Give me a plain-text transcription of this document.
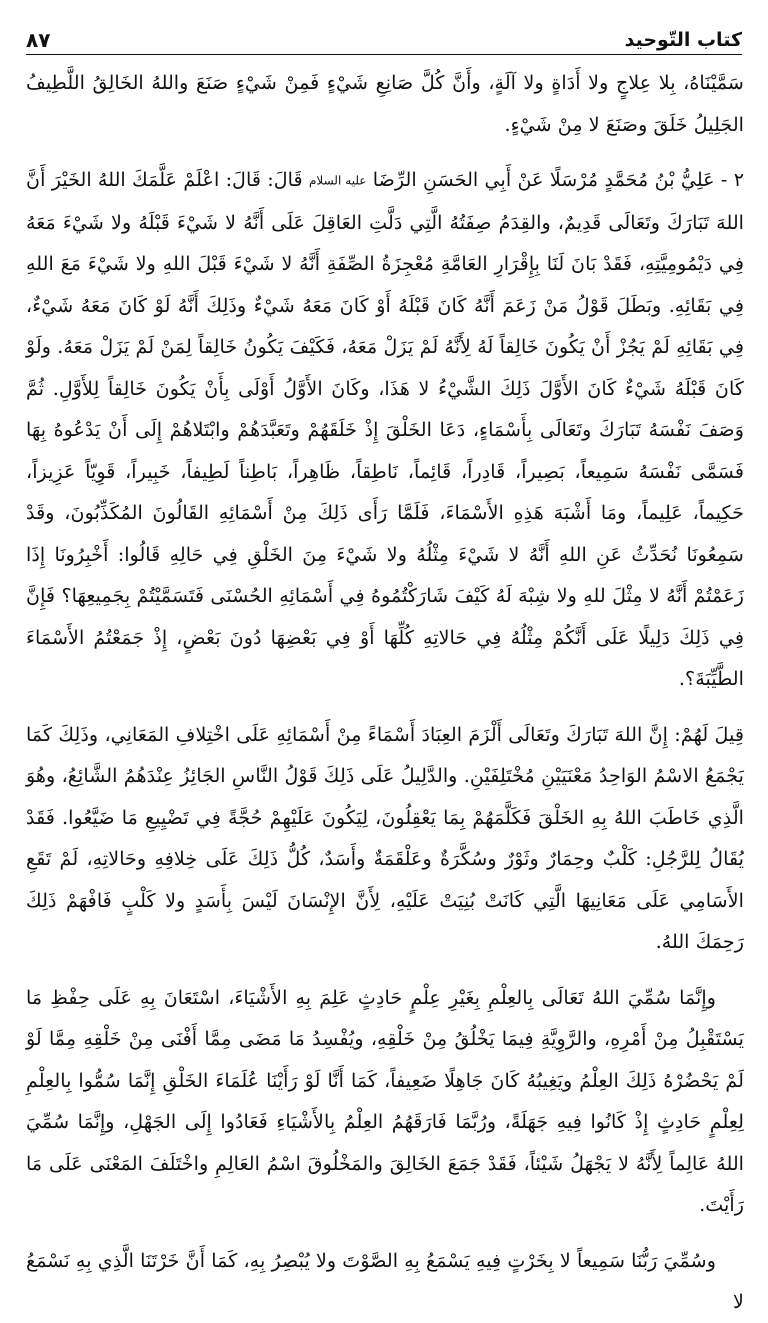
كتاب التّوحيد
٨٧

سَمَّيْنَاهُ، بِلا عِلاجٍ ولا أَدَاةٍ ولا آلَةٍ، وأَنَّ كُلَّ صَانِعِ شَيْءٍ فَمِنْ شَيْءٍ صَنَعَ واللهُ الخَالِقُ اللَّطِيفُ الجَلِيلُ خَلَقَ وصَنَعَ لا مِنْ شَيْءٍ.

٢ - عَلِيُّ بْنُ مُحَمَّدٍ مُرْسَلًا عَنْ أَبِي الحَسَنِ الرِّضَا عليه السلام قَالَ: قَالَ: اعْلَمْ عَلَّمَكَ اللهُ الخَيْرَ أَنَّ اللهَ تَبَارَكَ وتَعَالَى قَدِيمٌ، والقِدَمُ صِفَتُهُ الَّتِي دَلَّتِ العَاقِلَ عَلَى أَنَّهُ لا شَيْءَ قَبْلَهُ ولا شَيْءَ مَعَهُ فِي دَيْمُومِيَّتِهِ، فَقَدْ بَانَ لَنَا بِإِقْرَارِ العَامَّةِ مُعْجِزَةُ الصِّفَةِ أَنَّهُ لا شَيْءَ قَبْلَ اللهِ ولا شَيْءَ مَعَ اللهِ فِي بَقَائِهِ. وبَطَلَ قَوْلُ مَنْ زَعَمَ أَنَّهُ كَانَ قَبْلَهُ أَوْ كَانَ مَعَهُ شَيْءٌ وذَلِكَ أَنَّهُ لَوْ كَانَ مَعَهُ شَيْءٌ، فِي بَقَائِهِ لَمْ يَجُزْ أَنْ يَكُونَ خَالِقاً لَهُ لِأَنَّهُ لَمْ يَزَلْ مَعَهُ، فَكَيْفَ يَكُونُ خَالِقاً لِمَنْ لَمْ يَزَلْ مَعَهُ. ولَوْ كَانَ قَبْلَهُ شَيْءٌ كَانَ الأَوَّلَ ذَلِكَ الشَّيْءُ لا هَذَا، وكَانَ الأَوَّلُ أَوْلَى بِأَنْ يَكُونَ خَالِقاً لِلأَوَّلِ. ثُمَّ وَصَفَ نَفْسَهُ تَبَارَكَ وتَعَالَى بِأَسْمَاءٍ، دَعَا الخَلْقَ إِذْ خَلَقَهُمْ وتَعَبَّدَهُمْ وابْتَلاهُمْ إِلَى أَنْ يَدْعُوهُ بِهَا فَسَمَّى نَفْسَهُ سَمِيعاً، بَصِيراً، قَادِراً، قَائِماً، نَاطِقاً، ظَاهِراً، بَاطِناً لَطِيفاً، خَبِيراً، قَوِيّاً عَزِيزاً، حَكِيماً، عَلِيماً، ومَا أَشْبَهَ هَذِهِ الأَسْمَاءَ، فَلَمَّا رَأَى ذَلِكَ مِنْ أَسْمَائِهِ القَالُونَ المُكَذِّبُونَ، وقَدْ سَمِعُونَا نُحَدِّثُ عَنِ اللهِ أَنَّهُ لا شَيْءَ مِثْلُهُ ولا شَيْءَ مِنَ الخَلْقِ فِي حَالِهِ قَالُوا: أَخْبِرُونَا إِذَا زَعَمْتُمْ أَنَّهُ لا مِثْلَ للهِ ولا شِبْهَ لَهُ كَيْفَ شَارَكْتُمُوهُ فِي أَسْمَائِهِ الحُسْنَى فَتَسَمَّيْتُمْ بِجَمِيعِهَا؟ فَإِنَّ فِي ذَلِكَ دَلِيلًا عَلَى أَنَّكُمْ مِثْلُهُ فِي حَالاتِهِ كُلِّهَا أَوْ فِي بَعْضِهَا دُونَ بَعْضٍ، إِذْ جَمَعْتُمُ الأَسْمَاءَ الطَّيِّبَةَ؟.

قِيلَ لَهُمْ: إِنَّ اللهَ تَبَارَكَ وتَعَالَى أَلْزَمَ العِبَادَ أَسْمَاءً مِنْ أَسْمَائِهِ عَلَى اخْتِلافِ المَعَانِي، وذَلِكَ كَمَا يَجْمَعُ الاسْمُ الوَاحِدُ مَعْنَيَيْنِ مُخْتَلِفَيْنِ. والدَّلِيلُ عَلَى ذَلِكَ قَوْلُ النَّاسِ الجَائِزُ عِنْدَهُمُ الشَّائِعُ، وهُوَ الَّذِي خَاطَبَ اللهُ بِهِ الخَلْقَ فَكَلَّمَهُمْ بِمَا يَعْقِلُونَ، لِيَكُونَ عَلَيْهِمْ حُجَّةً فِي تَضْيِيعِ مَا ضَيَّعُوا. فَقَدْ يُقَالُ لِلرَّجُلِ: كَلْبٌ وحِمَارٌ وثَوْرٌ وسُكَّرَةٌ وعَلْقَمَةٌ وأَسَدٌ، كُلُّ ذَلِكَ عَلَى خِلافِهِ وحَالاتِهِ، لَمْ تَقَعِ الأَسَامِي عَلَى مَعَانِيهَا الَّتِي كَانَتْ بُنِيَتْ عَلَيْهِ، لِأَنَّ الإِنْسَانَ لَيْسَ بِأَسَدٍ ولا كَلْبٍ فَافْهَمْ ذَلِكَ رَحِمَكَ اللهُ.

وإِنَّمَا سُمِّيَ اللهُ تَعَالَى بِالعِلْمِ بِغَيْرِ عِلْمٍ حَادِثٍ عَلِمَ بِهِ الأَشْيَاءَ، اسْتَعَانَ بِهِ عَلَى حِفْظِ مَا يَسْتَقْبِلُ مِنْ أَمْرِهِ، والرَّوِيَّةِ فِيمَا يَخْلُقُ مِنْ خَلْقِهِ، ويُفْسِدُ مَا مَضَى مِمَّا أَفْنَى مِنْ خَلْقِهِ مِمَّا لَوْ لَمْ يَحْضُرْهُ ذَلِكَ العِلْمُ ويَغِيبُهُ كَانَ جَاهِلًا ضَعِيفاً، كَمَا أَنَّا لَوْ رَأَيْنَا عُلَمَاءَ الخَلْقِ إِنَّمَا سُمُّوا بِالعِلْمِ لِعِلْمٍ حَادِثٍ إِذْ كَانُوا فِيهِ جَهَلَةً، ورُبَّمَا فَارَقَهُمُ العِلْمُ بِالأَشْيَاءِ فَعَادُوا إِلَى الجَهْلِ، وإِنَّمَا سُمِّيَ اللهُ عَالِماً لِأَنَّهُ لا يَجْهَلُ شَيْئاً، فَقَدْ جَمَعَ الخَالِقَ والمَخْلُوقَ اسْمُ العَالِمِ واخْتَلَفَ المَعْنَى عَلَى مَا رَأَيْتَ.

وسُمِّيَ رَبُّنَا سَمِيعاً لا بِخَرْتٍ فِيهِ يَسْمَعُ بِهِ الصَّوْتَ ولا يُبْصِرُ بِهِ، كَمَا أَنَّ خَرْتَنَا الَّذِي بِهِ نَسْمَعُ لا
